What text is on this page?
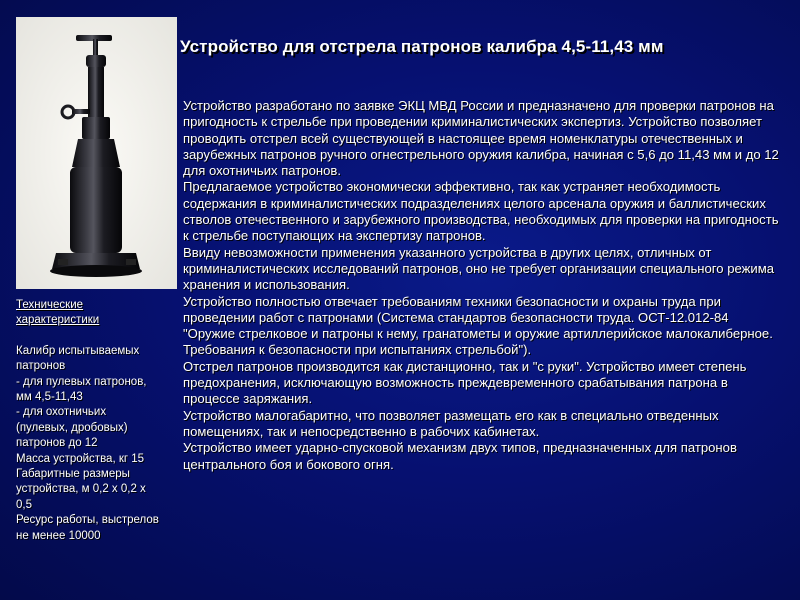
Устройство для отстрела патронов калибра 4,5-11,43 мм
Технические
характеристики
Калибр испытываемых
патронов
- для пулевых патронов,
мм 4,5-11,43
- для охотничьих
(пулевых, дробовых)
патронов до 12
Масса устройства, кг 15
Габаритные размеры
устройства, м 0,2 х 0,2 х
0,5
Ресурс работы, выстрелов
не менее 10000

Устройство разработано по заявке ЭКЦ МВД России и предназначено для проверки патронов на пригодность к стрельбе при проведении криминалистических экспертиз. Устройство позволяет проводить отстрел всей существующей в настоящее время номенклатуры отечественных и зарубежных патронов ручного огнестрельного оружия калибра, начиная с 5,6 до 11,43 мм и до 12 для охотничьих патронов.

Предлагаемое устройство экономически эффективно, так как устраняет необходимость содержания в криминалистических подразделениях целого арсенала оружия и баллистических стволов отечественного и зарубежного производства, необходимых для проверки на пригодность к стрельбе поступающих на экспертизу патронов.

Ввиду невозможности применения указанного устройства в других целях, отличных от криминалистических исследований патронов, оно не требует организации специального режима хранения и использования.

Устройство полностью отвечает требованиям техники безопасности и охраны труда при проведении работ с патронами (Система стандартов безопасности труда. ОСТ-12.012-84 "Оружие стрелковое и патроны к нему, гранатометы и оружие артиллерийское малокалиберное. Требования к безопасности при испытаниях стрельбой").

Отстрел патронов производится как дистанционно, так и "с руки". Устройство имеет степень предохранения, исключающую возможность преждевременного срабатывания патрона в процессе заряжания.

Устройство малогабаритно, что позволяет размещать его как в специально отведенных помещениях, так и непосредственно в рабочих кабинетах.

Устройство имеет ударно-спусковой механизм двух типов, предназначенных для патронов центрального боя и бокового огня.
